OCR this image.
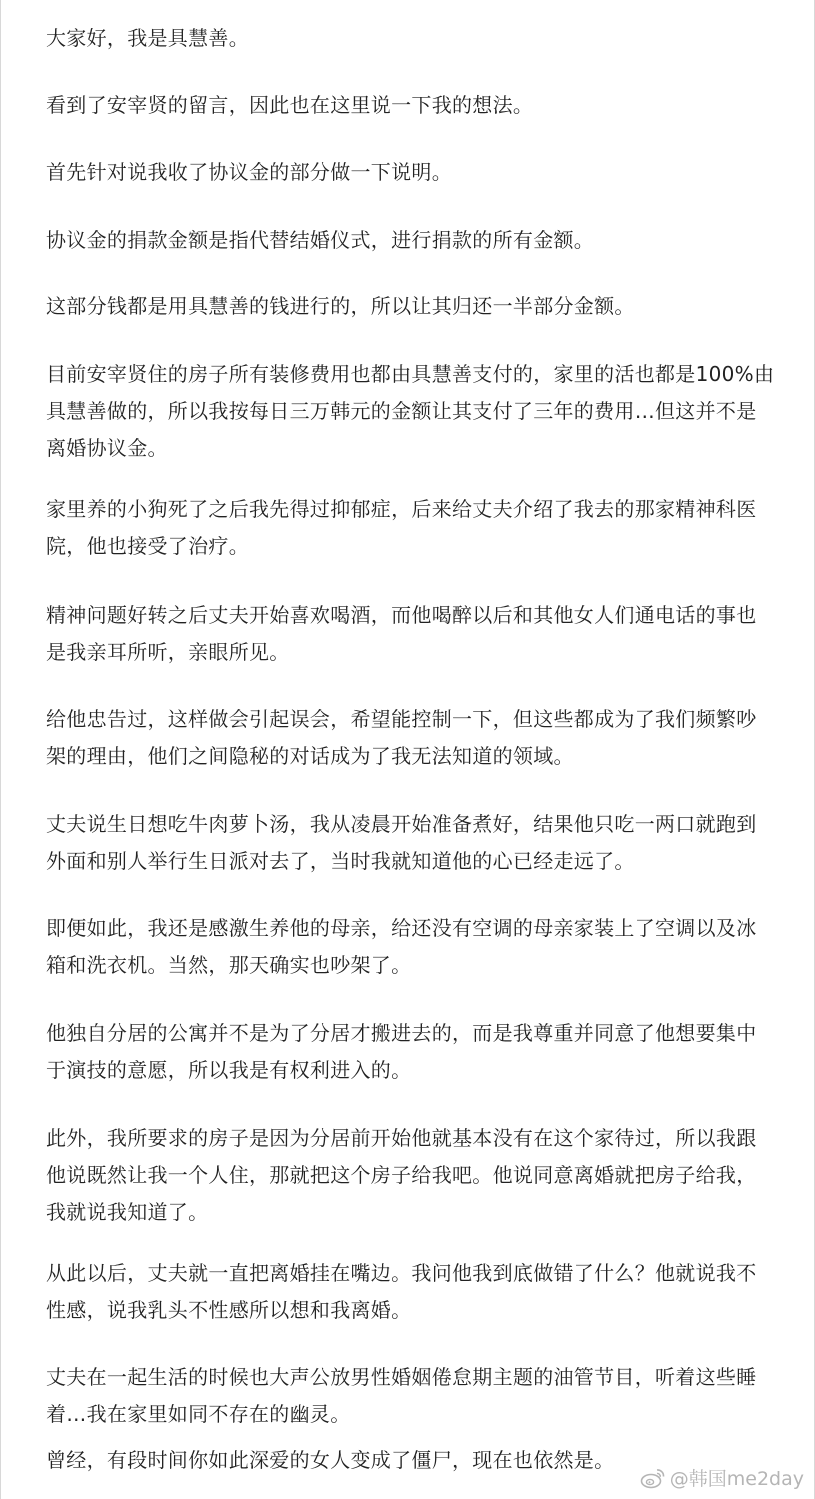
大家好，我是具慧善。

看到了安宰贤的留言，因此也在这里说一下我的想法。

首先针对说我收了协议金的部分做一下说明。

协议金的捐款金额是指代替结婚仪式，进行捐款的所有金额。

这部分钱都是用具慧善的钱进行的，所以让其归还一半部分金额。

目前安宰贤住的房子所有装修费用也都由具慧善支付的，家里的活也都是100%由
具慧善做的，所以我按每日三万韩元的金额让其支付了三年的费用…但这并不是
离婚协议金。

家里养的小狗死了之后我先得过抑郁症，后来给丈夫介绍了我去的那家精神科医
院，他也接受了治疗。

精神问题好转之后丈夫开始喜欢喝酒，而他喝醉以后和其他女人们通电话的事也
是我亲耳所听，亲眼所见。

给他忠告过，这样做会引起误会，希望能控制一下，但这些都成为了我们频繁吵
架的理由，他们之间隐秘的对话成为了我无法知道的领域。

丈夫说生日想吃牛肉萝卜汤，我从凌晨开始准备煮好，结果他只吃一两口就跑到
外面和别人举行生日派对去了，当时我就知道他的心已经走远了。

即便如此，我还是感激生养他的母亲，给还没有空调的母亲家装上了空调以及冰
箱和洗衣机。当然，那天确实也吵架了。

他独自分居的公寓并不是为了分居才搬进去的，而是我尊重并同意了他想要集中
于演技的意愿，所以我是有权利进入的。

此外，我所要求的房子是因为分居前开始他就基本没有在这个家待过，所以我跟
他说既然让我一个人住，那就把这个房子给我吧。他说同意离婚就把房子给我，
我就说我知道了。

从此以后，丈夫就一直把离婚挂在嘴边。我问他我到底做错了什么？他就说我不
性感，说我乳头不性感所以想和我离婚。

丈夫在一起生活的时候也大声公放男性婚姻倦怠期主题的油管节目，听着这些睡
着…我在家里如同不存在的幽灵。

曾经，有段时间你如此深爱的女人变成了僵尸，现在也依然是。

@韩国me2day
